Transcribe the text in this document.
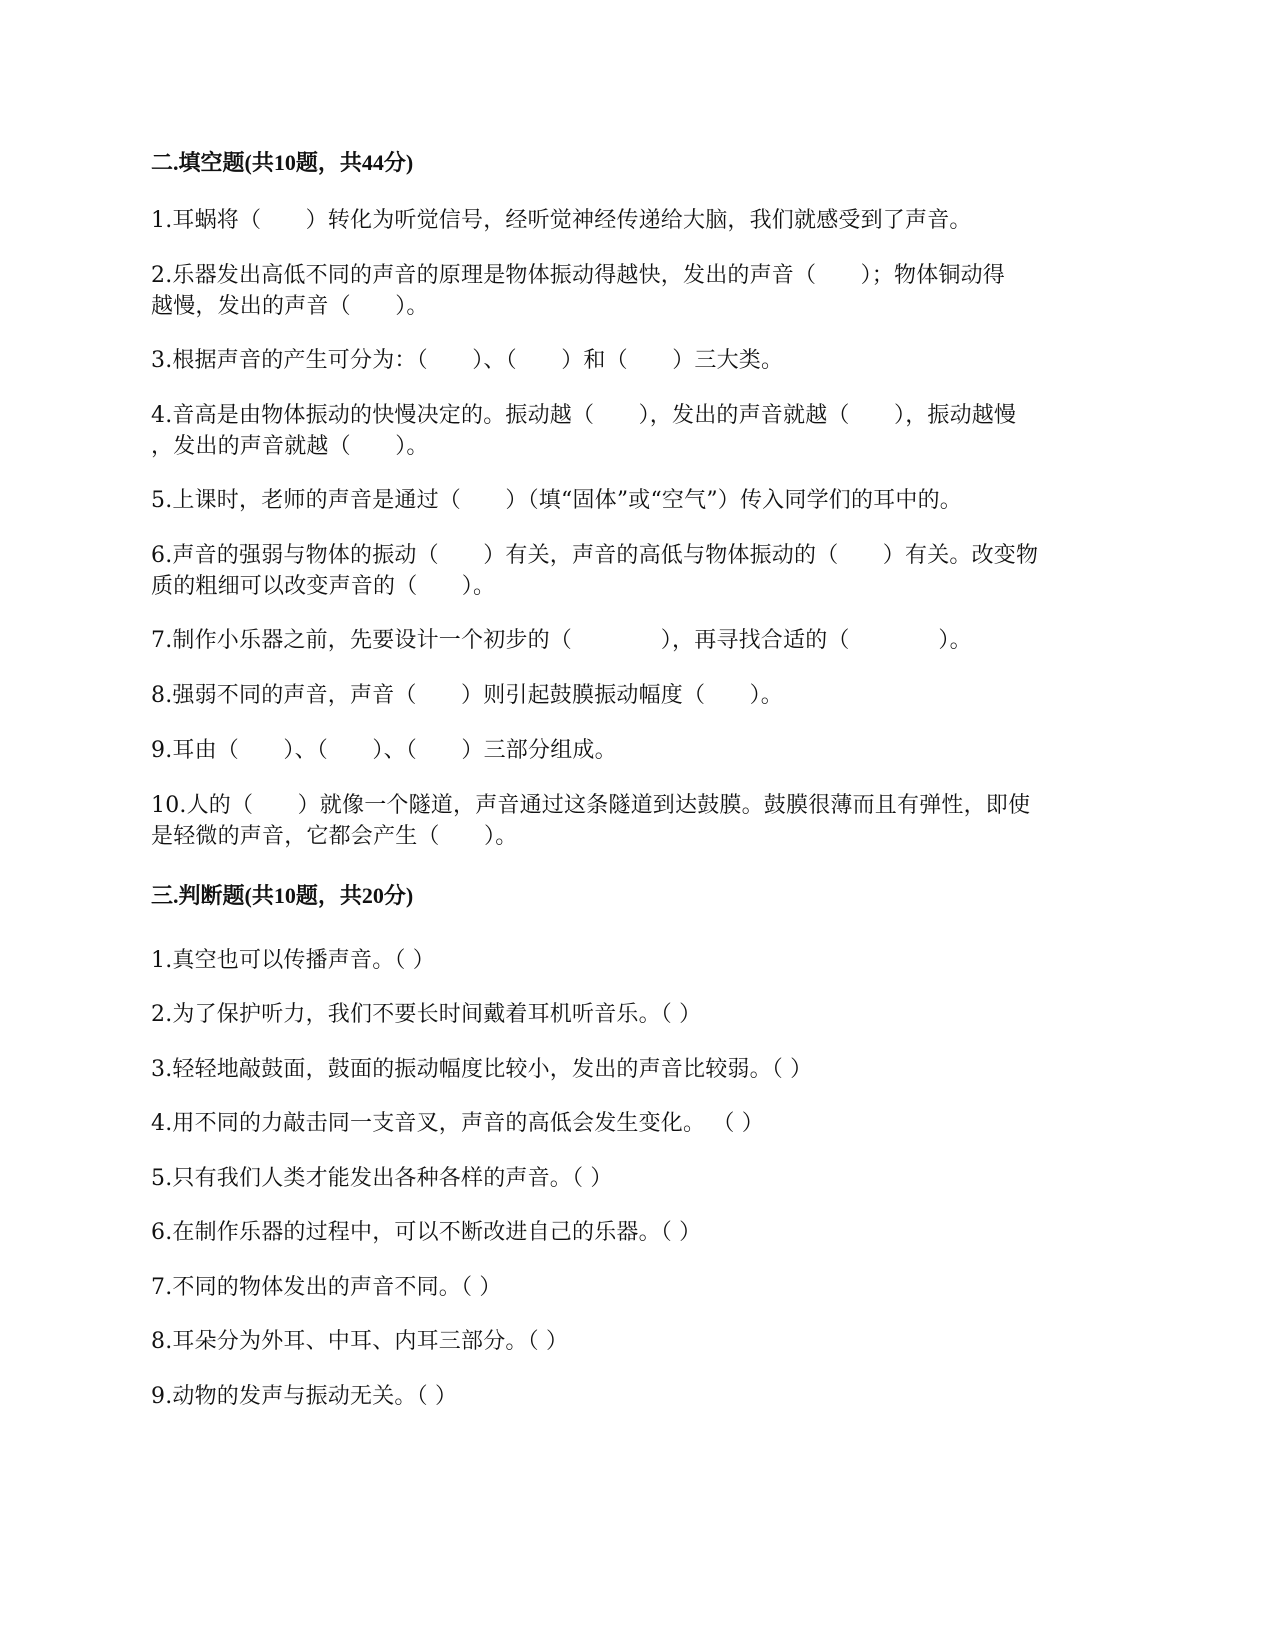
二.填空题(共10题，共44分)
1.耳蜗将（　　）转化为听觉信号，经听觉神经传递给大脑，我们就感受到了声音。
2.乐器发出高低不同的声音的原理是物体振动得越快，发出的声音（　　）；物体铜动得
越慢，发出的声音（　　）。
3.根据声音的产生可分为：（　　）、（　　）和（　　）三大类。
4.音高是由物体振动的快慢决定的。振动越（　　），发出的声音就越（　　），振动越慢
，发出的声音就越（　　）。
5.上课时，老师的声音是通过（　　）（填“固体”或“空气”）传入同学们的耳中的。
6.声音的强弱与物体的振动（　　）有关，声音的高低与物体振动的（　　）有关。改变物
质的粗细可以改变声音的（　　）。
7.制作小乐器之前，先要设计一个初步的（　　　　），再寻找合适的（　　　　）。
8.强弱不同的声音，声音（　　）则引起鼓膜振动幅度（　　）。
9.耳由（　　）、（　　）、（　　）三部分组成。
10.人的（　　）就像一个隧道，声音通过这条隧道到达鼓膜。鼓膜很薄而且有弹性，即使
是轻微的声音，它都会产生（　　）。
三.判断题(共10题，共20分)
1.真空也可以传播声音。（ ）
2.为了保护听力，我们不要长时间戴着耳机听音乐。（ ）
3.轻轻地敲鼓面，鼓面的振动幅度比较小，发出的声音比较弱。（ ）
4.用不同的力敲击同一支音叉，声音的高低会发生变化。 （ ）
5.只有我们人类才能发出各种各样的声音。（ ）
6.在制作乐器的过程中，可以不断改进自己的乐器。（ ）
7.不同的物体发出的声音不同。（ ）
8.耳朵分为外耳、中耳、内耳三部分。（ ）
9.动物的发声与振动无关。（ ）
